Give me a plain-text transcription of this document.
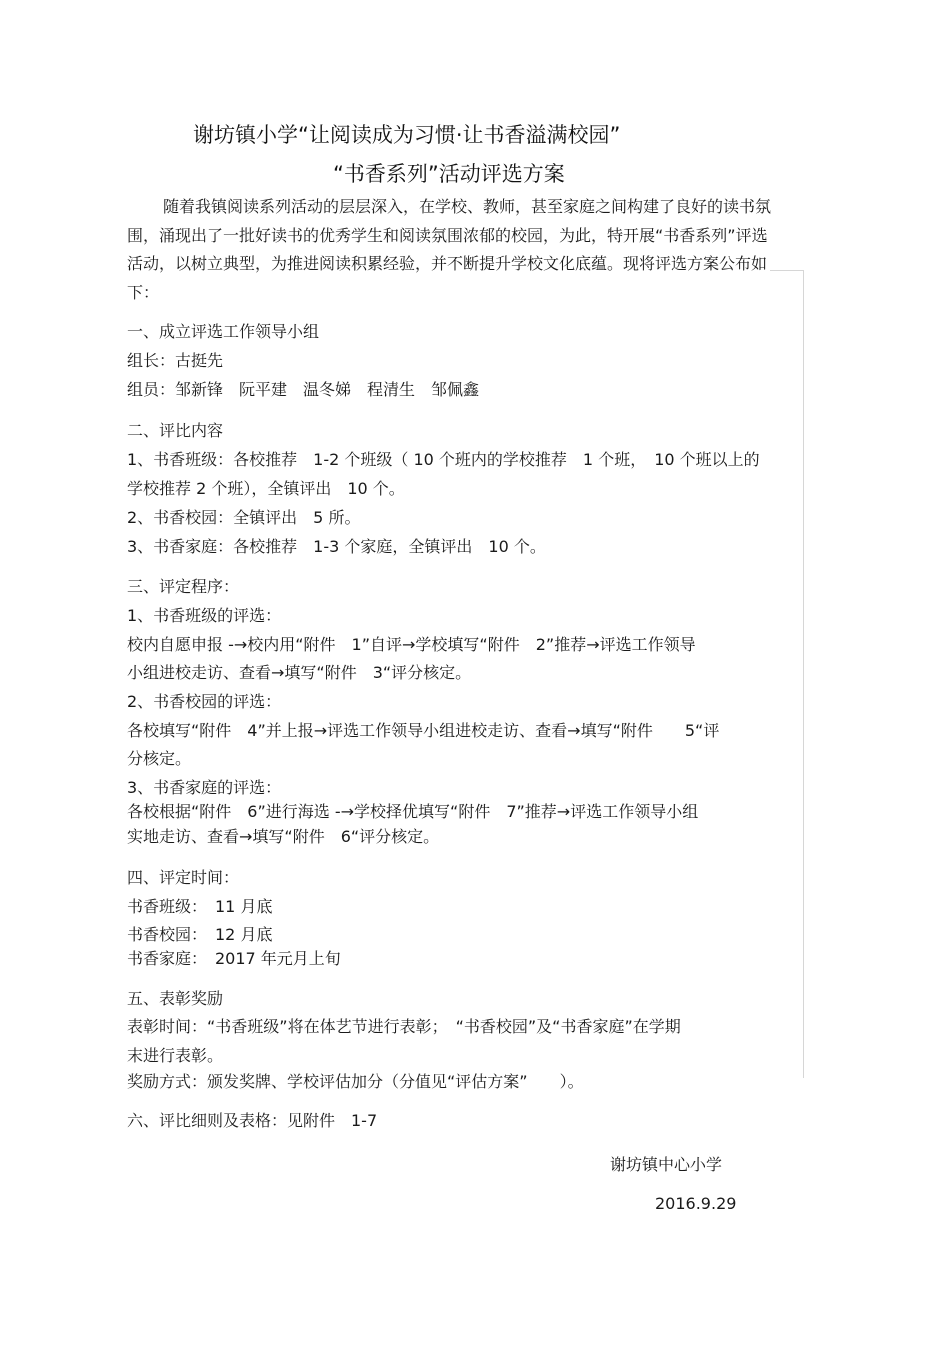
谢坊镇小学“让阅读成为习惯·让书香溢满校园”
“书香系列”活动评选方案

随着我镇阅读系列活动的层层深入，在学校、教师，甚至家庭之间构建了良好的读书氛围，涌现出了一批好读书的优秀学生和阅读氛围浓郁的校园，为此，特开展“书香系列”评选活动，以树立典型，为推进阅读积累经验，并不断提升学校文化底蕴。现将评选方案公布如下：

一、成立评选工作领导小组
组长：古挺先
组员：邹新锋　阮平建　温冬娣　程清生　邹佩鑫
二、评比内容
1、书香班级：各校推荐　1-2 个班级（ 10 个班内的学校推荐　1 个班，　10 个班以上的
学校推荐 2 个班），全镇评出　10 个。
2、书香校园：全镇评出　5 所。
3、书香家庭：各校推荐　1-3 个家庭，全镇评出　10 个。
三、评定程序：
1、书香班级的评选：
校内自愿申报 -→校内用“附件　1”自评→学校填写“附件　2”推荐→评选工作领导
小组进校走访、查看→填写“附件　3“评分核定。
2、书香校园的评选：
各校填写“附件　4”并上报→评选工作领导小组进校走访、查看→填写“附件　　5“评
分核定。
3、书香家庭的评选：
各校根据“附件　6”进行海选 -→学校择优填写“附件　7”推荐→评选工作领导小组
实地走访、查看→填写“附件　6“评分核定。
四、评定时间：
书香班级：　11 月底
书香校园：　12 月底
书香家庭：　2017 年元月上旬
五、表彰奖励
表彰时间：“书香班级”将在体艺节进行表彰；　“书香校园”及“书香家庭”在学期
末进行表彰。
奖励方式：颁发奖牌、学校评估加分（分值见“评估方案”　　）。
六、评比细则及表格：见附件　1-7
谢坊镇中心小学
2016.9.29
